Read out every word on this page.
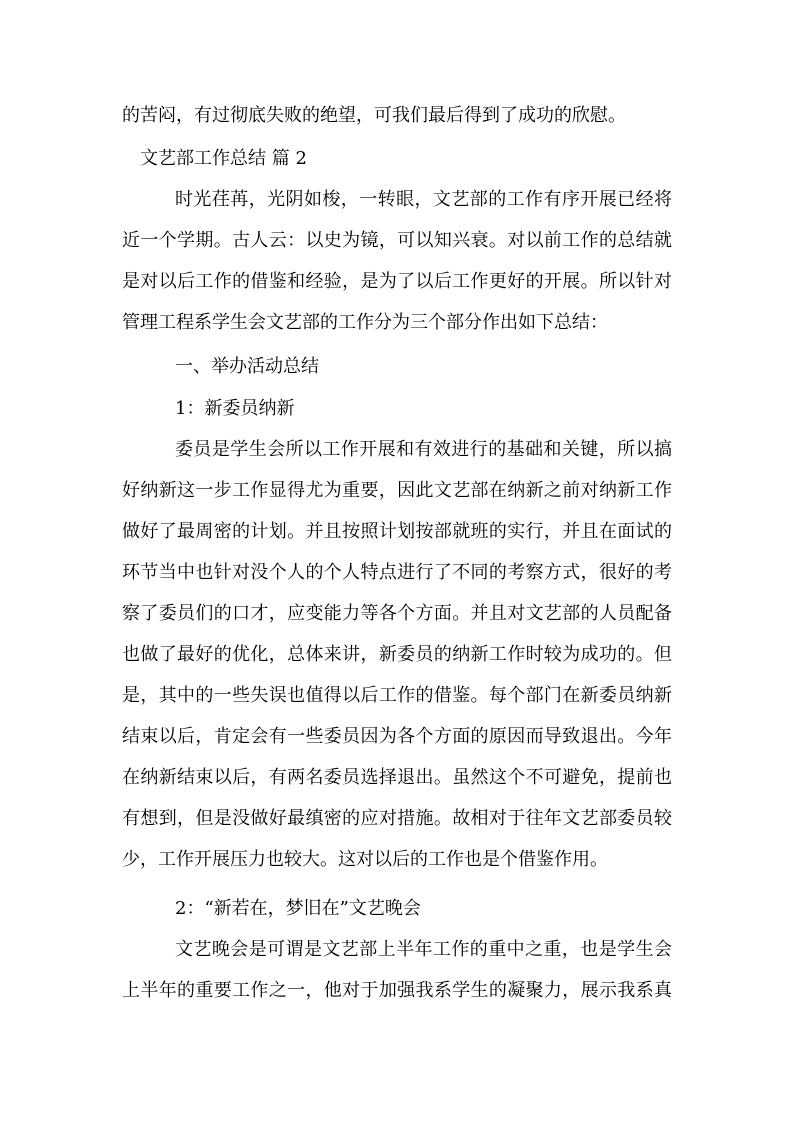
的苦闷，有过彻底失败的绝望，可我们最后得到了成功的欣慰。
文艺部工作总结 篇 2
时光荏苒，光阴如梭，一转眼，文艺部的工作有序开展已经将
近一个学期。古人云：以史为镜，可以知兴衰。对以前工作的总结就
是对以后工作的借鉴和经验，是为了以后工作更好的开展。所以针对
管理工程系学生会文艺部的工作分为三个部分作出如下总结：
一、举办活动总结
1：新委员纳新
委员是学生会所以工作开展和有效进行的基础和关键，所以搞
好纳新这一步工作显得尤为重要，因此文艺部在纳新之前对纳新工作
做好了最周密的计划。并且按照计划按部就班的实行，并且在面试的
环节当中也针对没个人的个人特点进行了不同的考察方式，很好的考
察了委员们的口才，应变能力等各个方面。并且对文艺部的人员配备
也做了最好的优化，总体来讲，新委员的纳新工作时较为成功的。但
是，其中的一些失误也值得以后工作的借鉴。每个部门在新委员纳新
结束以后，肯定会有一些委员因为各个方面的原因而导致退出。今年
在纳新结束以后，有两名委员选择退出。虽然这个不可避免，提前也
有想到，但是没做好最缜密的应对措施。故相对于往年文艺部委员较
少，工作开展压力也较大。这对以后的工作也是个借鉴作用。
2：“新若在，梦旧在”文艺晚会
文艺晚会是可谓是文艺部上半年工作的重中之重，也是学生会
上半年的重要工作之一，他对于加强我系学生的凝聚力，展示我系真
